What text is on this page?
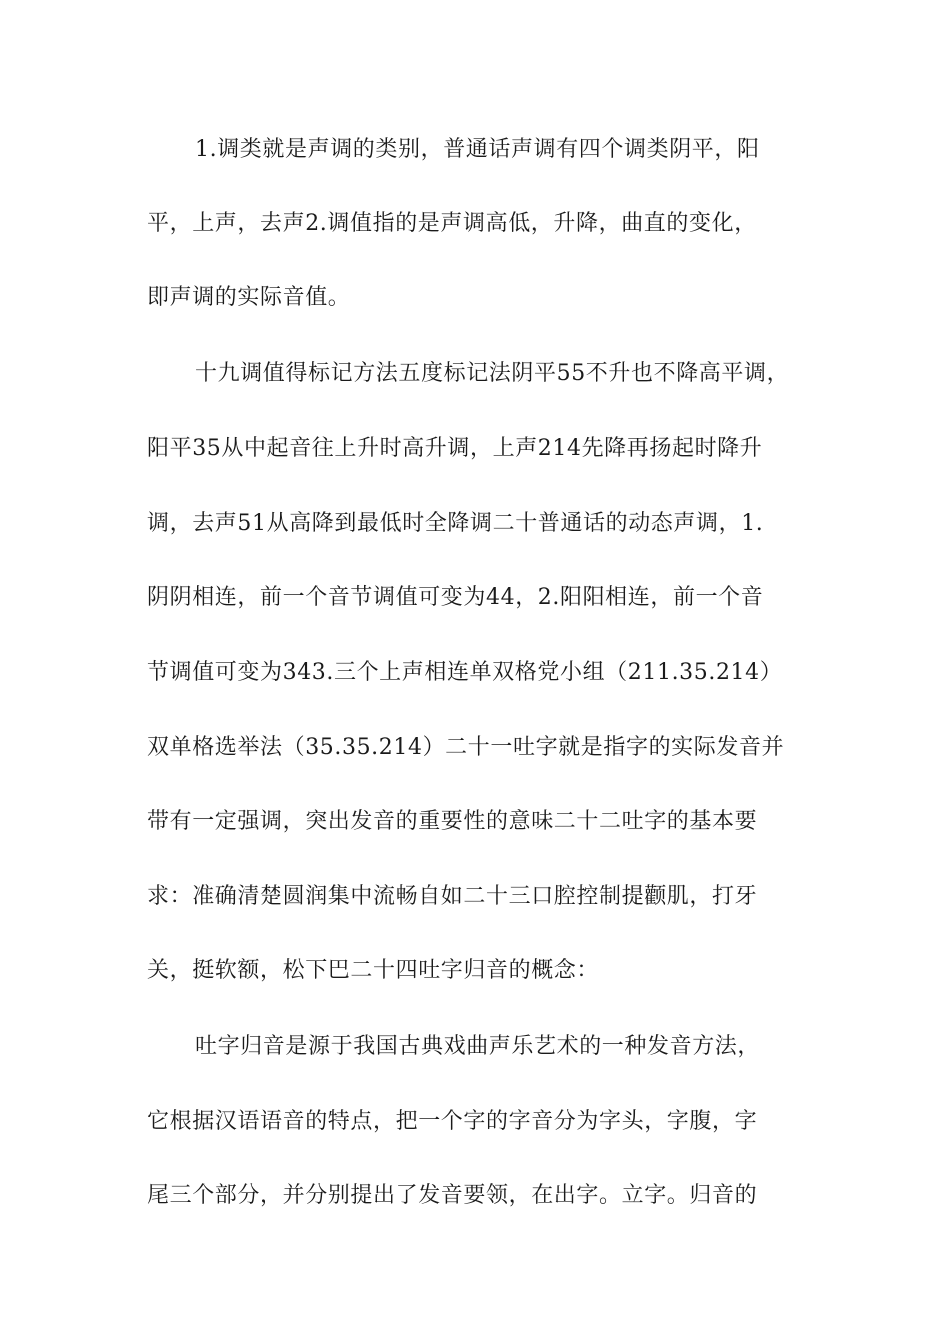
1.调类就是声调的类别，普通话声调有四个调类阴平，阳
平，上声，去声2.调值指的是声调高低，升降，曲直的变化，
即声调的实际音值。
十九调值得标记方法五度标记法阴平55不升也不降高平调，
阳平35从中起音往上升时高升调，上声214先降再扬起时降升
调，去声51从高降到最低时全降调二十普通话的动态声调，1.
阴阴相连，前一个音节调值可变为44，2.阳阳相连，前一个音
节调值可变为343.三个上声相连单双格党小组（211.35.214）
双单格选举法（35.35.214）二十一吐字就是指字的实际发音并
带有一定强调，突出发音的重要性的意味二十二吐字的基本要
求：准确清楚圆润集中流畅自如二十三口腔控制提颧肌，打牙
关，挺软额，松下巴二十四吐字归音的概念：
吐字归音是源于我国古典戏曲声乐艺术的一种发音方法，
它根据汉语语音的特点，把一个字的字音分为字头，字腹，字
尾三个部分，并分别提出了发音要领，在出字。立字。归音的
